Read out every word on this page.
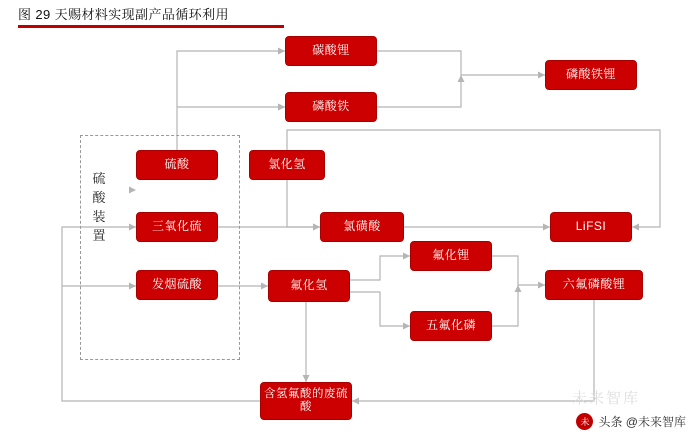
图 29 天赐材料实现副产品循环利用
硫酸装置
碳酸锂
磷酸铁
磷酸铁锂
硫酸	氯化氢
三氧化硫	氯磺酸	LiFSI
发烟硫酸	氟化氢
氟化锂
五氟化磷
六氟磷酸锂
含氢氟酸的废硫酸	未来智库
未 头条 @未来智库
